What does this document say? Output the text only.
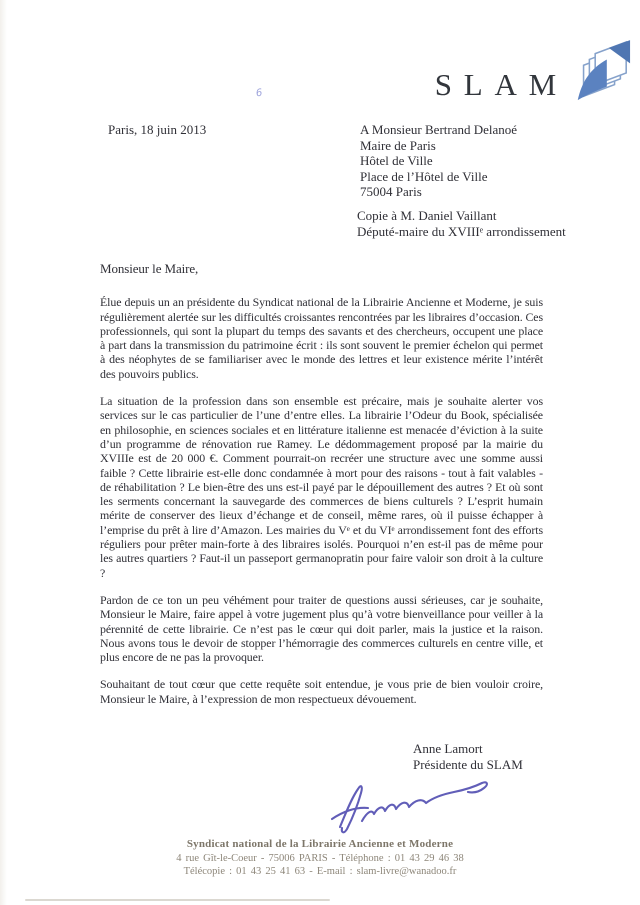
SLAM
6
Paris, 18 juin 2013	A Monsieur Bertrand Delanoé
Maire de Paris
Hôtel de Ville
Place de l’Hôtel de Ville
75004 Paris
Copie à M. Daniel Vaillant
Député-maire du XVIIIᵉ arrondissement
Monsieur le Maire,

Élue depuis un an présidente du Syndicat national de la Librairie Ancienne et Moderne, je suis régulièrement alertée sur les difficultés croissantes rencontrées par les libraires d’occasion. Ces professionnels, qui sont la plupart du temps des savants et des chercheurs, occupent une place à part dans la transmission du patrimoine écrit : ils sont souvent le premier échelon qui permet à des néophytes de se familiariser avec le monde des lettres et leur existence mérite l’intérêt des pouvoirs publics.

La situation de la profession dans son ensemble est précaire, mais je souhaite alerter vos services sur le cas particulier de l’une d’entre elles. La librairie l’Odeur du Book, spécialisée en philosophie, en sciences sociales et en littérature italienne est menacée d’éviction à la suite d’un programme de rénovation rue Ramey. Le dédommagement proposé par la mairie du XVIIIe est de 20 000 €. Comment pourrait-on recréer une structure avec une somme aussi faible ? Cette librairie est-elle donc condamnée à mort pour des raisons - tout à fait valables - de réhabilitation ? Le bien-être des uns est-il payé par le dépouillement des autres ? Et où sont les serments concernant la sauvegarde des commerces de biens culturels ? L’esprit humain mérite de conserver des lieux d’échange et de conseil, même rares, où il puisse échapper à l’emprise du prêt à lire d’Amazon. Les mairies du Vᵉ et du VIᵉ arrondissement font des efforts réguliers pour prêter main-forte à des libraires isolés. Pourquoi n’en est-il pas de même pour les autres quartiers ? Faut-il un passeport germanopratin pour faire valoir son droit à la culture ?

Pardon de ce ton un peu véhément pour traiter de questions aussi sérieuses, car je souhaite, Monsieur le Maire, faire appel à votre jugement plus qu’à votre bienveillance pour veiller à la pérennité de cette librairie. Ce n’est pas le cœur qui doit parler, mais la justice et la raison. Nous avons tous le devoir de stopper l’hémorragie des commerces culturels en centre ville, et plus encore de ne pas la provoquer.

Souhaitant de tout cœur que cette requête soit entendue, je vous prie de bien vouloir croire, Monsieur le Maire, à l’expression de mon respectueux dévouement.

Anne Lamort
Présidente du SLAM
Syndicat national de la Librairie Ancienne et Moderne
4 rue Gît-le-Coeur - 75006 PARIS - Téléphone : 01 43 29 46 38
Télécopie : 01 43 25 41 63 - E-mail : slam-livre@wanadoo.fr
